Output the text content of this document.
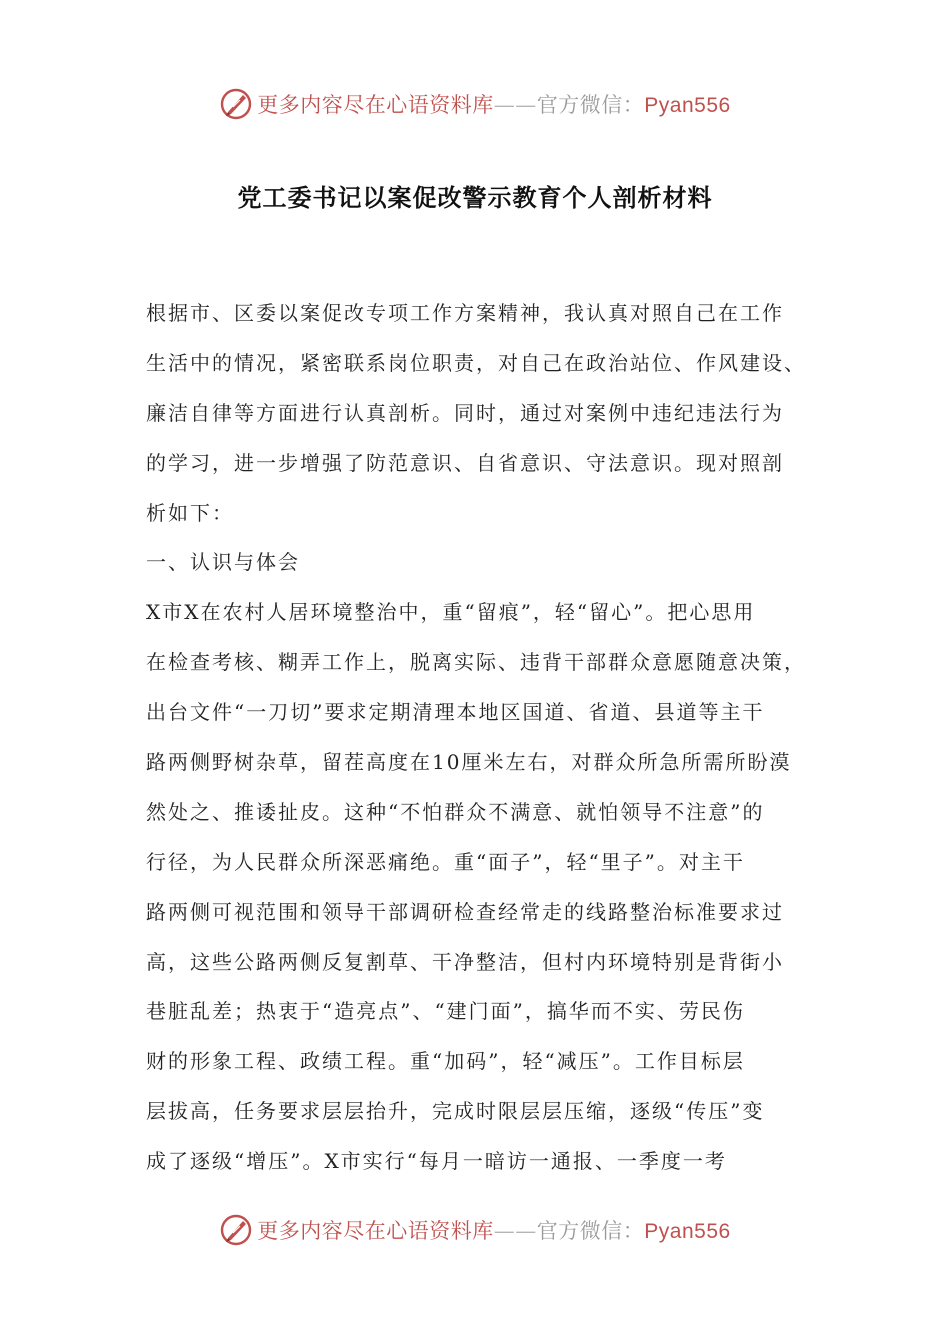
更多内容尽在心语资料库——官方微信：Pyan556
党工委书记以案促改警示教育个人剖析材料
根据市、区委以案促改专项工作方案精神，我认真对照自己在工作
生活中的情况，紧密联系岗位职责，对自己在政治站位、作风建设、
廉洁自律等方面进行认真剖析。同时，通过对案例中违纪违法行为
的学习，进一步增强了防范意识、自省意识、守法意识。现对照剖
析如下：
一、认识与体会
X市X在农村人居环境整治中，重“留痕”，轻“留心”。把心思用
在检查考核、糊弄工作上，脱离实际、违背干部群众意愿随意决策，
出台文件“一刀切”要求定期清理本地区国道、省道、县道等主干
路两侧野树杂草，留茬高度在10厘米左右，对群众所急所需所盼漠
然处之、推诿扯皮。这种“不怕群众不满意、就怕领导不注意”的
行径，为人民群众所深恶痛绝。重“面子”，轻“里子”。对主干
路两侧可视范围和领导干部调研检查经常走的线路整治标准要求过
高，这些公路两侧反复割草、干净整洁，但村内环境特别是背街小
巷脏乱差；热衷于“造亮点”、“建门面”，搞华而不实、劳民伤
财的形象工程、政绩工程。重“加码”，轻“减压”。工作目标层
层拔高，任务要求层层抬升，完成时限层层压缩，逐级“传压”变
成了逐级“增压”。X市实行“每月一暗访一通报、一季度一考
更多内容尽在心语资料库——官方微信：Pyan556
